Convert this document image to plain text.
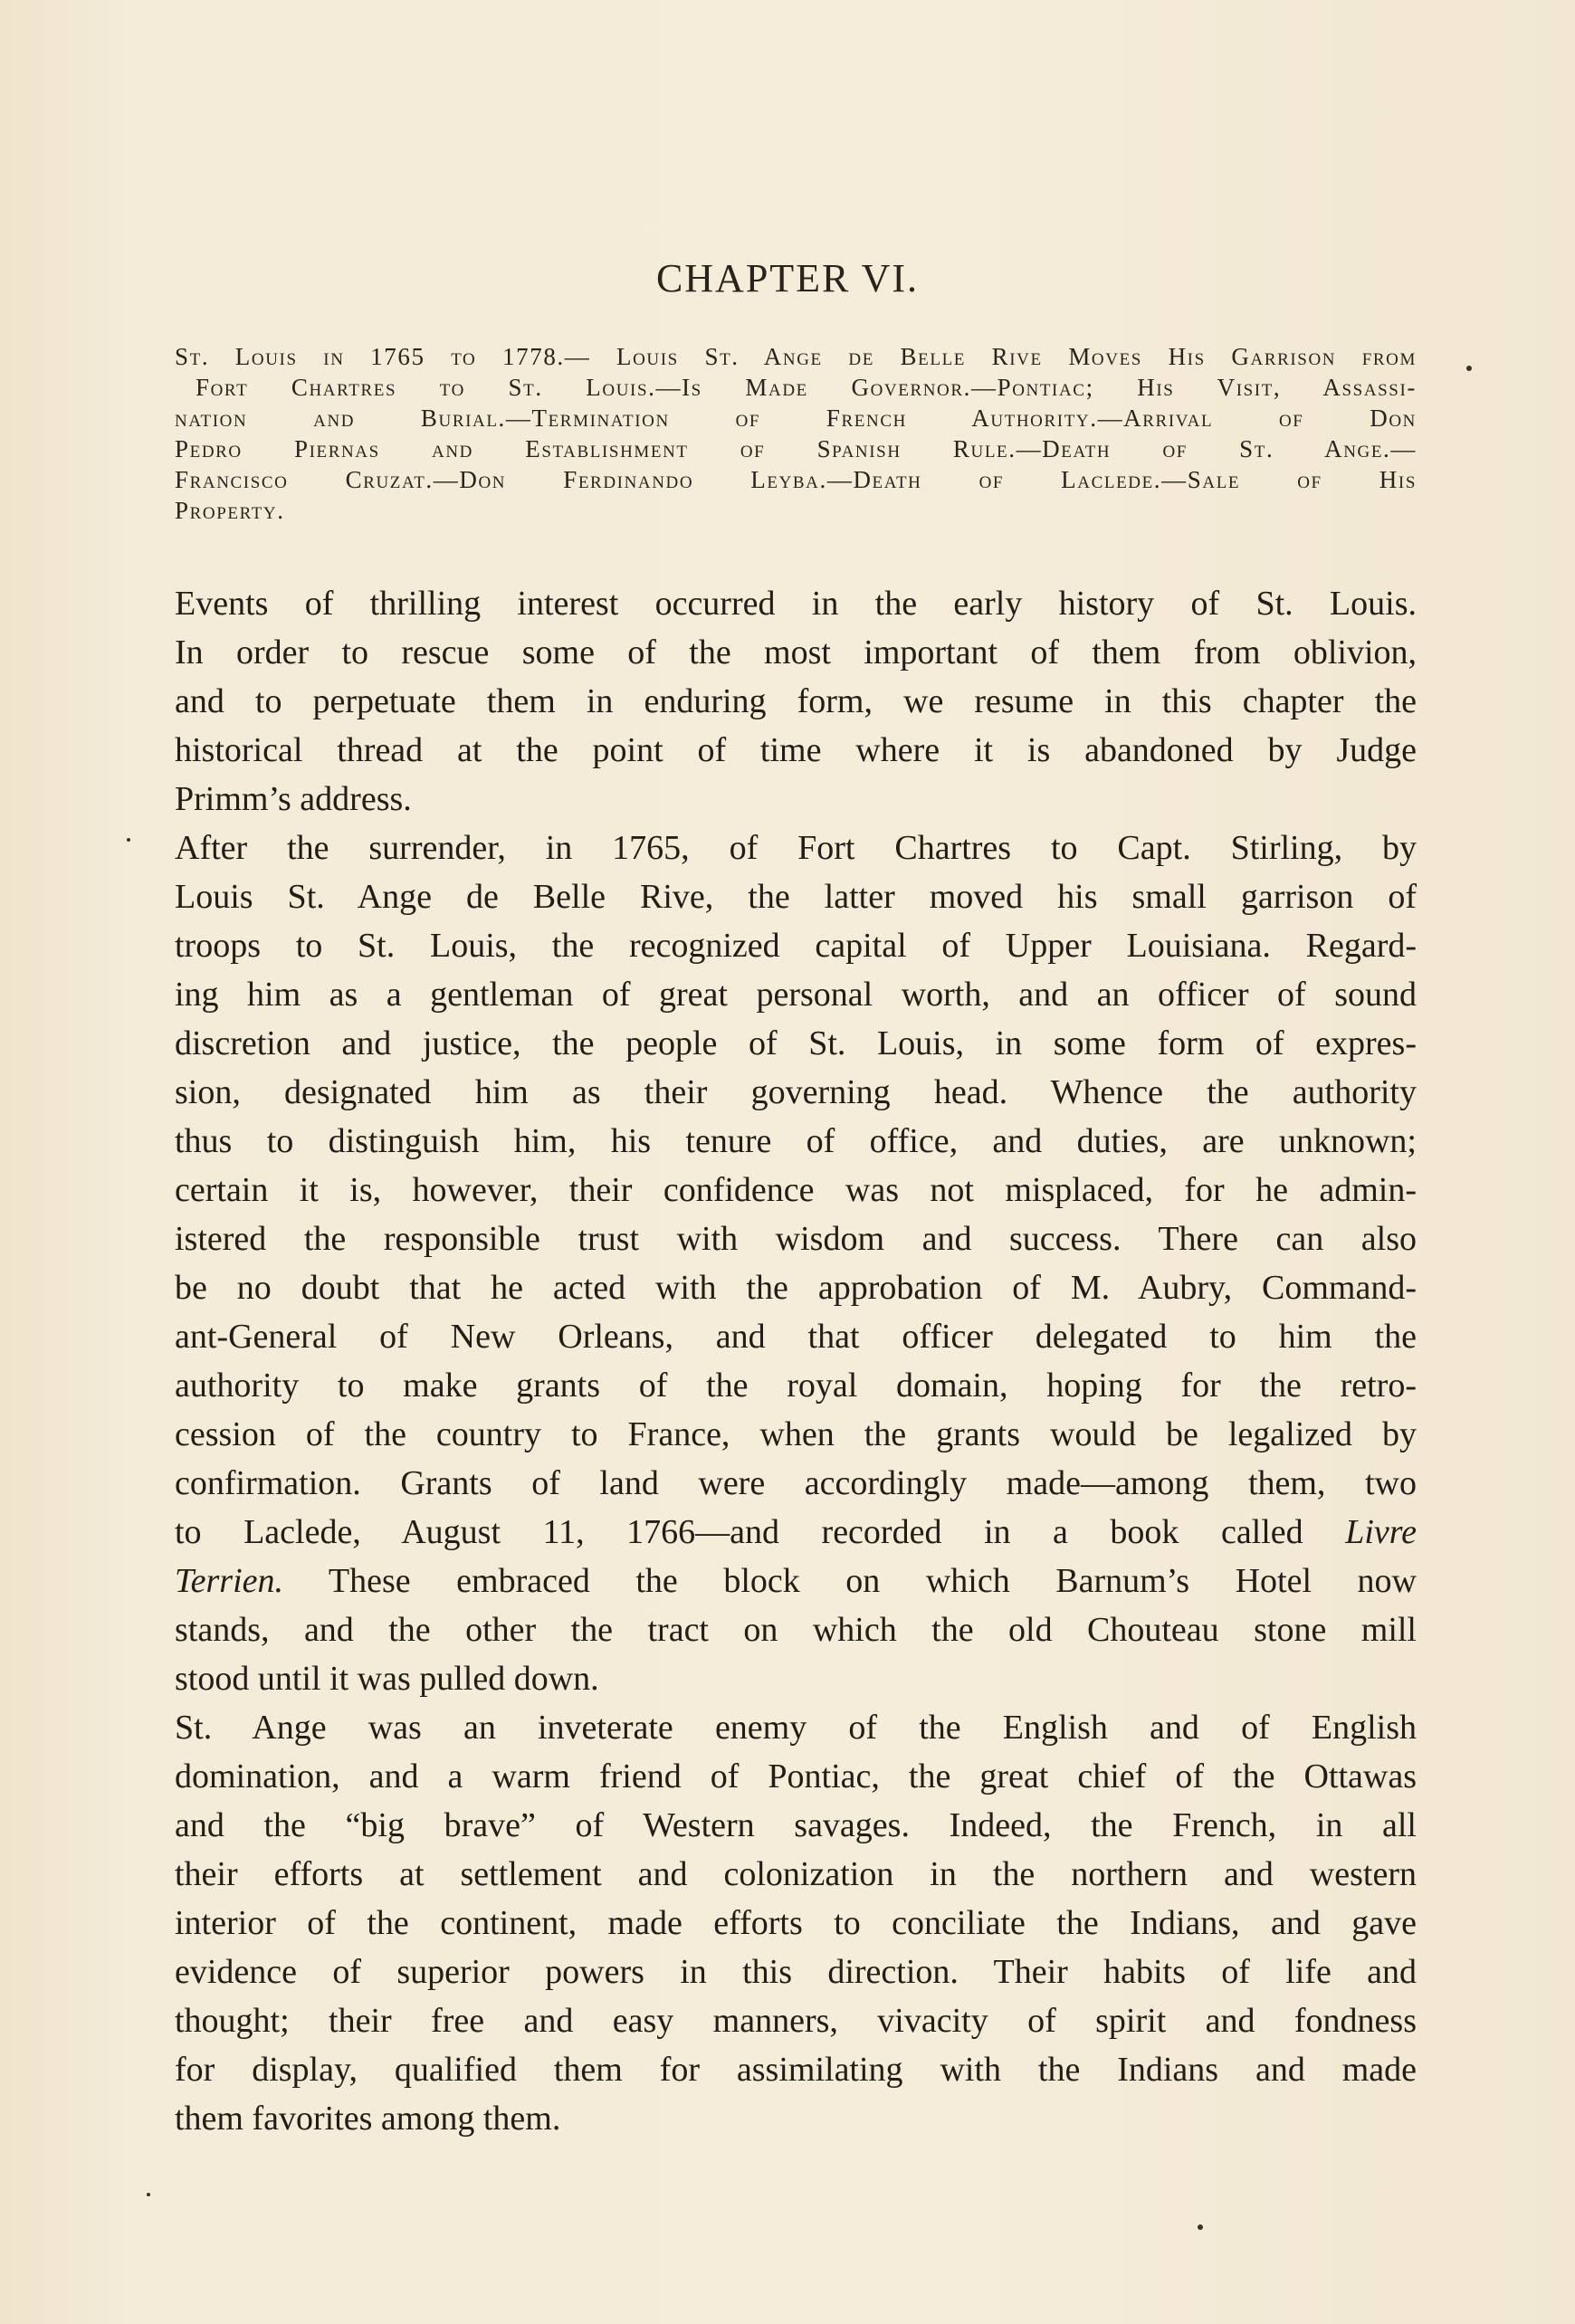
CHAPTER VI.
St. Louis in 1765 to 1778.— Louis St. Ange de Belle Rive Moves His Garrison from
Fort Chartres to St. Louis.—Is Made Governor.—Pontiac; His Visit, Assassi-
nation and Burial.—Termination of French Authority.—Arrival of Don
Pedro Piernas and Establishment of Spanish Rule.—Death of St. Ange.—
Francisco Cruzat.—Don Ferdinando Leyba.—Death of Laclede.—Sale of His
Property.
Events of thrilling interest occurred in the early history of St. Louis.
In order to rescue some of the most important of them from oblivion,
and to perpetuate them in enduring form, we resume in this chapter the
historical thread at the point of time where it is abandoned by Judge
Primm’s address.
After the surrender, in 1765, of Fort Chartres to Capt. Stirling, by
Louis St. Ange de Belle Rive, the latter moved his small garrison of
troops to St. Louis, the recognized capital of Upper Louisiana. Regard-
ing him as a gentleman of great personal worth, and an officer of sound
discretion and justice, the people of St. Louis, in some form of expres-
sion, designated him as their governing head. Whence the authority
thus to distinguish him, his tenure of office, and duties, are unknown;
certain it is, however, their confidence was not misplaced, for he admin-
istered the responsible trust with wisdom and success. There can also
be no doubt that he acted with the approbation of M. Aubry, Command-
ant-General of New Orleans, and that officer delegated to him the
authority to make grants of the royal domain, hoping for the retro-
cession of the country to France, when the grants would be legalized by
confirmation. Grants of land were accordingly made—among them, two
to Laclede, August 11, 1766—and recorded in a book called Livre
Terrien. These embraced the block on which Barnum’s Hotel now
stands, and the other the tract on which the old Chouteau stone mill
stood until it was pulled down.
St. Ange was an inveterate enemy of the English and of English
domination, and a warm friend of Pontiac, the great chief of the Ottawas
and the “big brave” of Western savages. Indeed, the French, in all
their efforts at settlement and colonization in the northern and western
interior of the continent, made efforts to conciliate the Indians, and gave
evidence of superior powers in this direction. Their habits of life and
thought; their free and easy manners, vivacity of spirit and fondness
for display, qualified them for assimilating with the Indians and made
them favorites among them.
